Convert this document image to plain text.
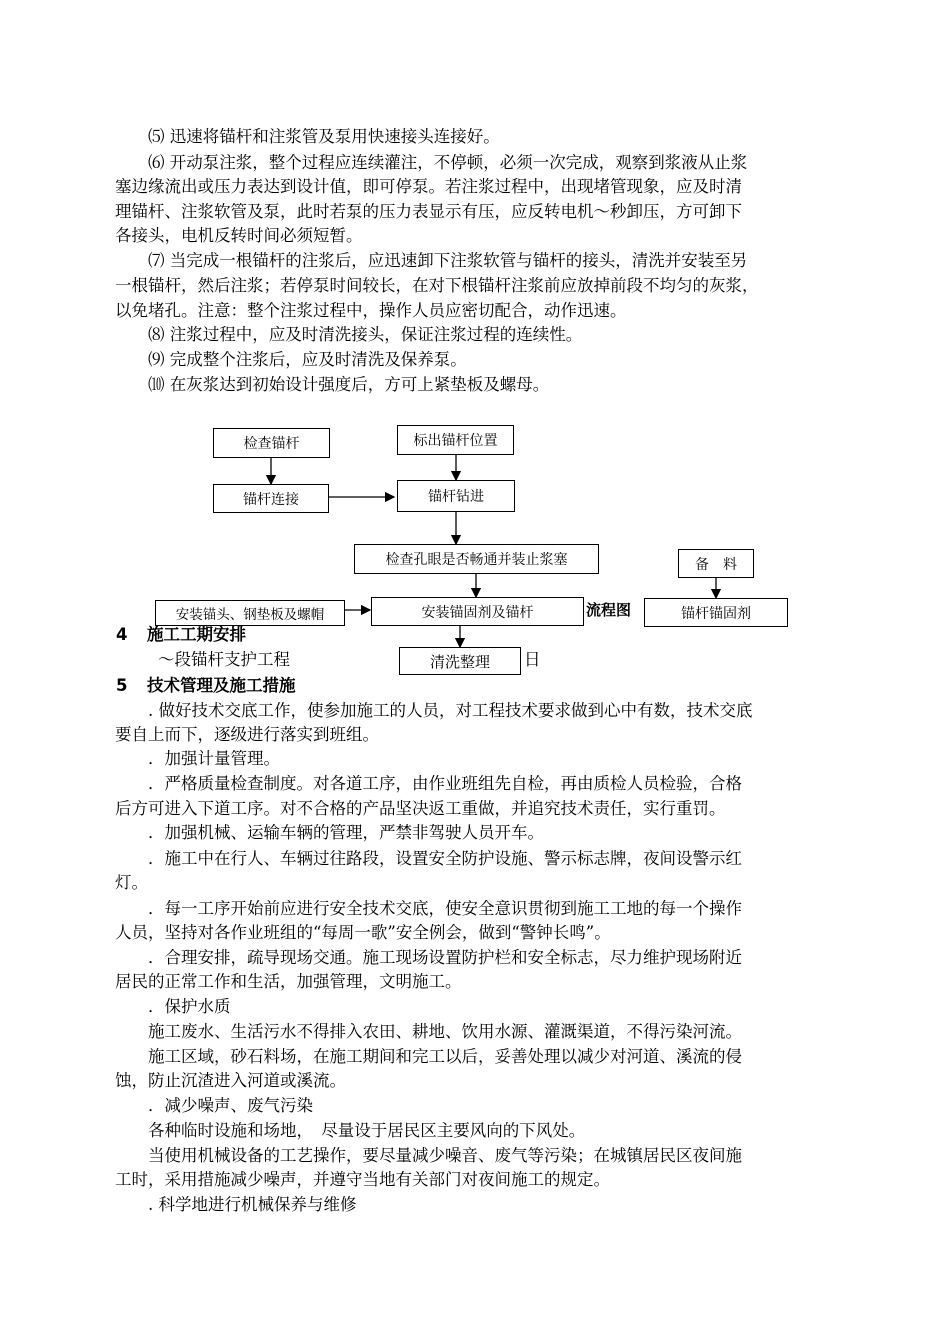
⑸ 迅速将锚杆和注浆管及泵用快速接头连接好。
⑹ 开动泵注浆，整个过程应连续灌注，不停顿，必须一次完成，观察到浆液从止浆
塞边缘流出或压力表达到设计值，即可停泵。若注浆过程中，出现堵管现象，应及时清
理锚杆、注浆软管及泵，此时若泵的压力表显示有压，应反转电机～秒卸压，方可卸下
各接头，电机反转时间必须短暂。
⑺ 当完成一根锚杆的注浆后，应迅速卸下注浆软管与锚杆的接头，清洗并安装至另
一根锚杆，然后注浆；若停泵时间较长，在对下根锚杆注浆前应放掉前段不均匀的灰浆，
以免堵孔。注意：整个注浆过程中，操作人员应密切配合，动作迅速。
⑻ 注浆过程中，应及时清洗接头，保证注浆过程的连续性。
⑼ 完成整个注浆后，应及时清洗及保养泵。
⑽ 在灰浆达到初始设计强度后，方可上紧垫板及螺母。
检查锚杆	标出锚杆位置
锚杆连接	锚杆钻进
检查孔眼是否畅通并装止浆塞	备　料
安装锚头、钢垫板及螺帽	安装锚固剂及锚杆	流程图	锚杆锚固剂
清洗整理
4 施工工期安排
～段锚杆支护工程	日
5 技术管理及施工措施
. 做好技术交底工作，使参加施工的人员，对工程技术要求做到心中有数，技术交底
要自上而下，逐级进行落实到班组。
．加强计量管理。
．严格质量检查制度。对各道工序，由作业班组先自检，再由质检人员检验，合格
后方可进入下道工序。对不合格的产品坚决返工重做，并追究技术责任，实行重罚。
．加强机械、运输车辆的管理，严禁非驾驶人员开车。
．施工中在行人、车辆过往路段，设置安全防护设施、警示标志牌，夜间设警示红
灯。
．每一工序开始前应进行安全技术交底，使安全意识贯彻到施工工地的每一个操作
人员，坚持对各作业班组的“每周一歌”安全例会，做到“警钟长鸣”。
．合理安排，疏导现场交通。施工现场设置防护栏和安全标志，尽力维护现场附近
居民的正常工作和生活，加强管理，文明施工。
．保护水质
施工废水、生活污水不得排入农田、耕地、饮用水源、灌溉渠道，不得污染河流。
施工区域，砂石料场，在施工期间和完工以后，妥善处理以减少对河道、溪流的侵
蚀，防止沉渣进入河道或溪流。
．减少噪声、废气污染
各种临时设施和场地，　尽量设于居民区主要风向的下风处。
当使用机械设备的工艺操作，要尽量减少噪音、废气等污染；在城镇居民区夜间施
工时，采用措施减少噪声，并遵守当地有关部门对夜间施工的规定。
. 科学地进行机械保养与维修
